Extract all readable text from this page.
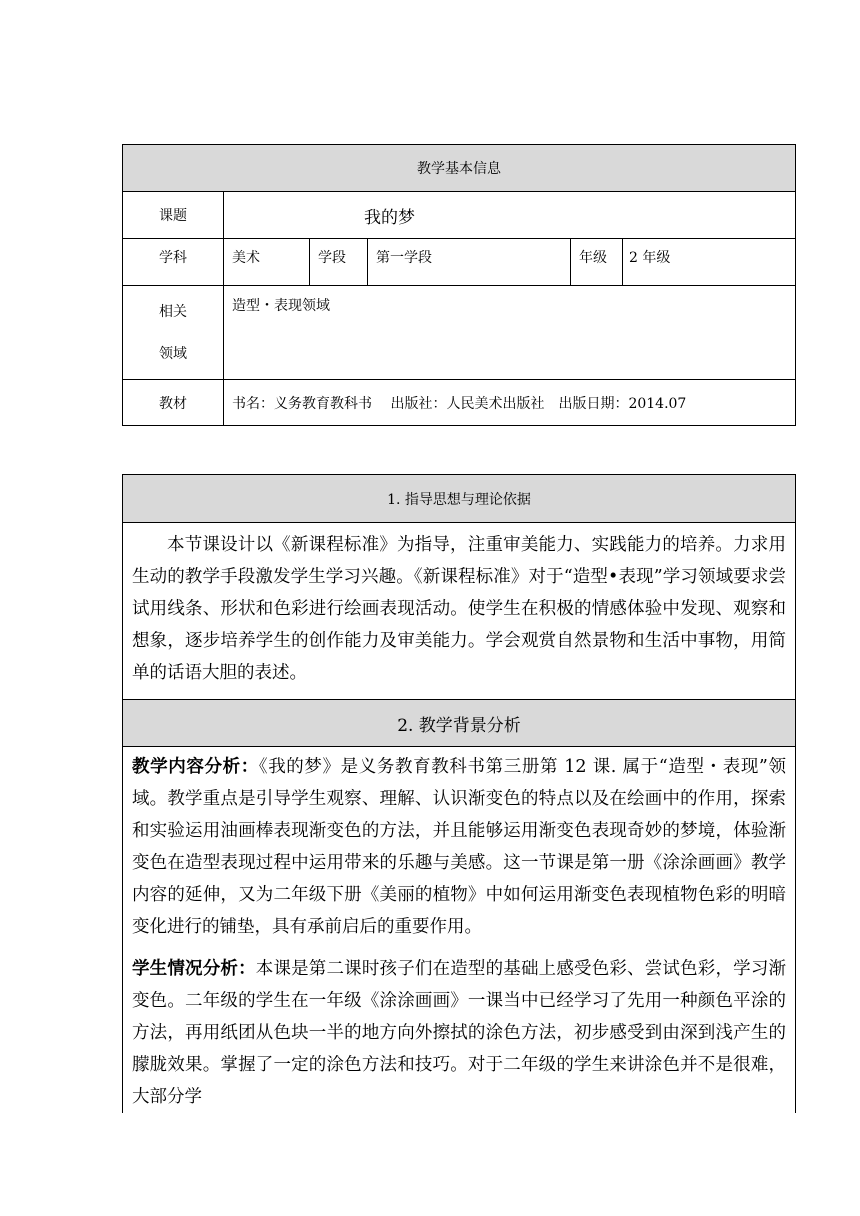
教学基本信息					
课题	我的梦				
学科	美术	学段	第一学段	年级	2 年级

相关
领域	造型・表现领域				
教材	书名：义务教育教科书　 出版社：人民美术出版社　出版日期：2014.07				
1. 指导思想与理论依据

本节课设计以《新课程标准》为指导，注重审美能力、实践能力的培养。力求用生动的教学手段激发学生学习兴趣。《新课程标准》对于“造型•表现”学习领域要求尝试用线条、形状和色彩进行绘画表现活动。使学生在积极的情感体验中发现、观察和想象，逐步培养学生的创作能力及审美能力。学会观赏自然景物和生活中事物，用简单的话语大胆的表述。

2. 教学背景分析

教学内容分析：《我的梦》是义务教育教科书第三册第 12 课. 属于“造型・表现”领域。教学重点是引导学生观察、理解、认识渐变色的特点以及在绘画中的作用，探索和实验运用油画棒表现渐变色的方法，并且能够运用渐变色表现奇妙的梦境，体验渐变色在造型表现过程中运用带来的乐趣与美感。这一节课是第一册《涂涂画画》教学内容的延伸，又为二年级下册《美丽的植物》中如何运用渐变色表现植物色彩的明暗变化进行的铺垫，具有承前启后的重要作用。
学生情况分析：本课是第二课时孩子们在造型的基础上感受色彩、尝试色彩，学习渐变色。二年级的学生在一年级《涂涂画画》一课当中已经学习了先用一种颜色平涂的方法，再用纸团从色块一半的地方向外擦拭的涂色方法，初步感受到由深到浅产生的朦胧效果。掌握了一定的涂色方法和技巧。对于二年级的学生来讲涂色并不是很难，大部分学
